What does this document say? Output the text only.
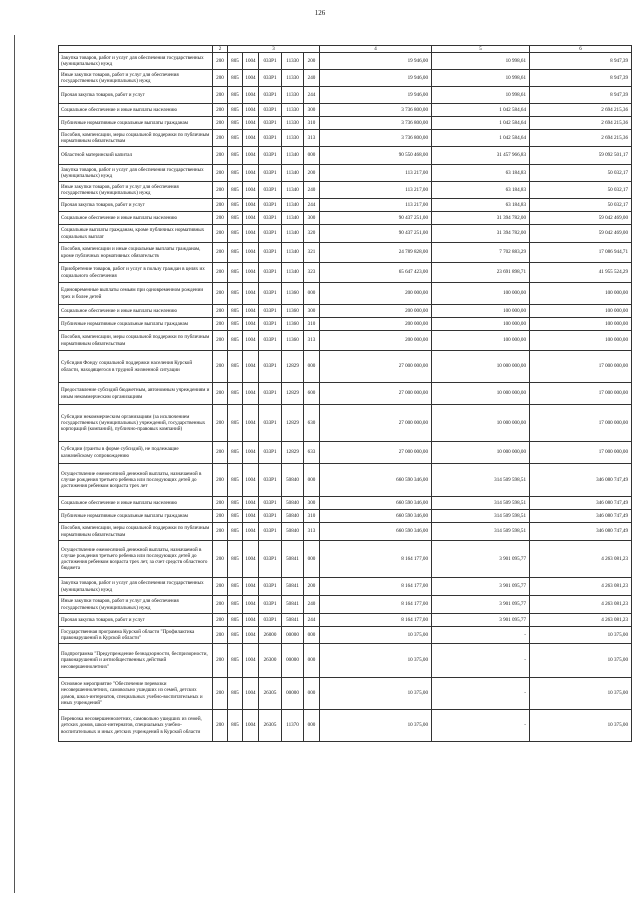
126
	2	3					4	5	6
Закупка товаров, работ и услуг для обеспечения государственных (муниципальных) нужд	200	805	1004	033P1	11330	200	19 946,00	10 998,61	8 947,39
Иные закупки товаров, работ и услуг для обеспечения государственных (муниципальных) нужд	200	805	1004	033P1	11330	240	19 946,00	10 998,61	8 947,39
Прочая закупка товаров, работ и услуг	200	805	1004	033P1	11330	244	19 946,00	10 998,61	8 947,39
Социальное обеспечение и иные выплаты населению	200	805	1004	033P1	11330	300	3 736 800,00	1 042 584,64	2 694 215,36
Публичные нормативные социальные выплаты гражданам	200	805	1004	033P1	11330	310	3 736 800,00	1 042 584,64	2 694 215,36
Пособия, компенсации, меры социальной поддержки по публичным нормативным обязательствам	200	805	1004	033P1	11330	313	3 736 800,00	1 042 584,64	2 694 215,36
Областной материнский капитал	200	805	1004	033P1	11340	000	90 550 468,00	31 457 966,83	59 092 501,17
Закупка товаров, работ и услуг для обеспечения государственных (муниципальных) нужд	200	805	1004	033P1	11340	200	113 217,00	63 184,83	50 032,17
Иные закупки товаров, работ и услуг для обеспечения государственных (муниципальных) нужд	200	805	1004	033P1	11340	240	113 217,00	63 184,83	50 032,17
Прочая закупка товаров, работ и услуг	200	805	1004	033P1	11340	244	113 217,00	63 184,83	50 032,17
Социальное обеспечение и иные выплаты населению	200	805	1004	033P1	11340	300	90 437 251,00	31 394 782,00	59 042 469,00
Социальные выплаты гражданам, кроме публичных нормативных социальных выплат	200	805	1004	033P1	11340	320	90 437 251,00	31 394 782,00	59 042 469,00
Пособия, компенсации и иные социальные выплаты гражданам, кроме публичных нормативных обязательств	200	805	1004	033P1	11340	321	24 789 828,00	7 702 883,29	17 086 944,71
Приобретение товаров, работ и услуг в пользу граждан в целях их социального обеспечения	200	805	1004	033P1	11340	323	65 647 423,00	23 691 898,71	41 955 524,29
Единовременные выплаты семьям при одновременном рождении трех и более детей	200	805	1004	033P1	11360	000	200 000,00	100 000,00	100 000,00
Социальное обеспечение и иные выплаты населению	200	805	1004	033P1	11360	300	200 000,00	100 000,00	100 000,00
Публичные нормативные социальные выплаты гражданам	200	805	1004	033P1	11360	310	200 000,00	100 000,00	100 000,00
Пособия, компенсации, меры социальной поддержки по публичным нормативным обязательствам	200	805	1004	033P1	11360	313	200 000,00	100 000,00	100 000,00
Субсидия Фонду социальной поддержки населения Курской области, находящегося в трудной жизненной ситуации	200	805	1004	033P1	12829	000	27 000 000,00	10 000 000,00	17 000 000,00
Предоставление субсидий бюджетным, автономным учреждениям и иным некоммерческим организациям	200	805	1004	033P1	12829	600	27 000 000,00	10 000 000,00	17 000 000,00
Субсидии некоммерческим организациям (за исключением государственных (муниципальных) учреждений, государственных корпораций (компаний), публично-правовых компаний)	200	805	1004	033P1	12829	630	27 000 000,00	10 000 000,00	17 000 000,00
Субсидии (гранты в форме субсидий), не подлежащие казначейскому сопровождению	200	805	1004	033P1	12829	633	27 000 000,00	10 000 000,00	17 000 000,00
Осуществление ежемесячной денежной выплаты, назначаемой в случае рождения третьего ребенка или последующих детей до достижения ребенком возраста трех лет	200	805	1004	033P1	50840	000	660 590 346,00	314 509 598,51	346 080 747,49
Социальное обеспечение и иные выплаты населению	200	805	1004	033P1	50840	300	660 590 346,00	314 509 598,51	346 080 747,49
Публичные нормативные социальные выплаты гражданам	200	805	1004	033P1	50840	310	660 590 346,00	314 509 598,51	346 080 747,49
Пособия, компенсации, меры социальной поддержки по публичным нормативным обязательствам	200	805	1004	033P1	50840	313	660 590 346,00	314 509 598,51	346 080 747,49
Осуществление ежемесячной денежной выплаты, назначаемой в случае рождения третьего ребенка или последующих детей до достижения ребенком возраста трех лет, за счет средств областного бюджета	200	805	1004	033P1	50841	000	8 164 177,00	3 901 095,77	4 263 081,23
Закупка товаров, работ и услуг для обеспечения государственных (муниципальных) нужд	200	805	1004	033P1	50841	200	8 164 177,00	3 901 095,77	4 263 081,23
Иные закупки товаров, работ и услуг для обеспечения государственных (муниципальных) нужд	200	805	1004	033P1	50841	240	8 164 177,00	3 901 095,77	4 263 081,23
Прочая закупка товаров, работ и услуг	200	805	1004	033P1	50841	244	8 164 177,00	3 901 095,77	4 263 081,23
Государственная программа Курской области "Профилактика правонарушений в Курской области"	200	805	1004	26000	00000	000	10 375,00	-	10 375,00
Подпрограмма "Предупреждение безнадзорности, беспризорности, правонарушений и антиобщественных действий несовершеннолетних"	200	805	1004	26300	00000	000	10 375,00	-	10 375,00
Основное мероприятие "Обеспечение перевозки несовершеннолетних, самовольно ушедших из семей, детских домов, школ-интернатов, специальных учебно-воспитательных и иных учреждений"	200	805	1004	26305	00000	000	10 375,00	-	10 375,00
Перевозка несовершеннолетних, самовольно ушедших из семей, детских домов, школ-интернатов, специальных учебно-воспитательных и иных детских учреждений в Курской области	200	805	1004	26305	11370	000	10 375,00	-	10 375,00
